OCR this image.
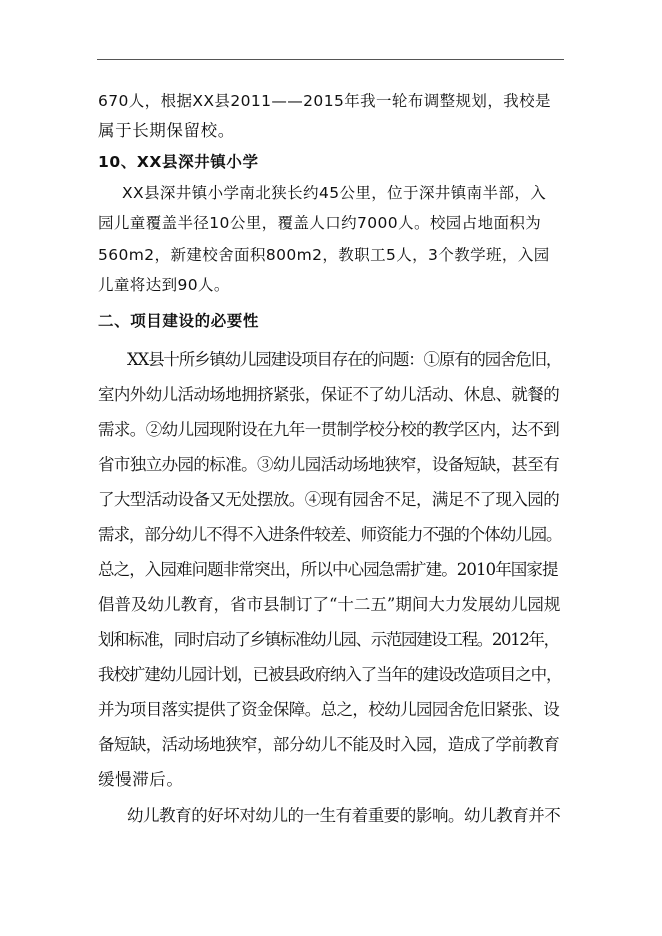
670人，根据XX县2011——2015年我一轮布调整规划，我校是
属于长期保留校。
10、XX县深井镇小学
XX县深井镇小学南北狭长约45公里，位于深井镇南半部，入
园儿童覆盖半径10公里，覆盖人口约7000人。校园占地面积为
560m2，新建校舍面积800m2，教职工5人，3个教学班，入园
儿童将达到90人。
二、项目建设的必要性
XX县十所乡镇幼儿园建设项目存在的问题：①原有的园舍危旧，
室内外幼儿活动场地拥挤紧张，保证不了幼儿活动、休息、就餐的
需求。②幼儿园现附设在九年一贯制学校分校的教学区内，达不到
省市独立办园的标准。③幼儿园活动场地狭窄，设备短缺，甚至有
了大型活动设备又无处摆放。④现有园舍不足，满足不了现入园的
需求，部分幼儿不得不入进条件较差、师资能力不强的个体幼儿园。
总之，入园难问题非常突出，所以中心园急需扩建。2010年国家提
倡普及幼儿教育，省市县制订了“十二五”期间大力发展幼儿园规
划和标准，同时启动了乡镇标准幼儿园、示范园建设工程。2012年，
我校扩建幼儿园计划，已被县政府纳入了当年的建设改造项目之中，
并为项目落实提供了资金保障。总之，校幼儿园园舍危旧紧张、设
备短缺，活动场地狭窄，部分幼儿不能及时入园，造成了学前教育
缓慢滞后。
幼儿教育的好坏对幼儿的一生有着重要的影响。幼儿教育并不
